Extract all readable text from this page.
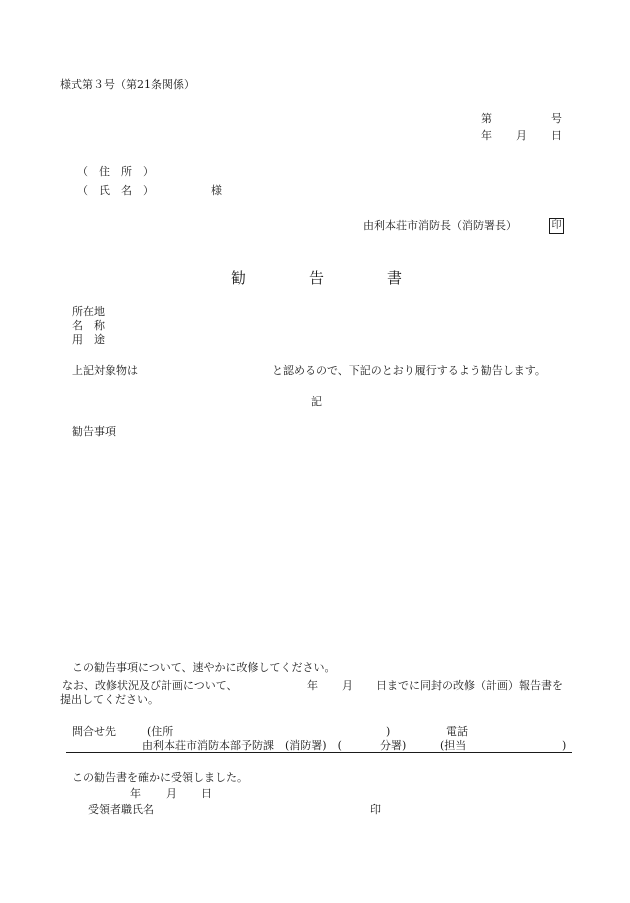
様式第３号（第21条関係）
第	号
年 月 日
（　住　所　）
（　氏　名　）	様
由利本荘市消防長（消防署長）	印
勧	告	書
所在地
名　称
用　途
上記対象物は	と認めるので、下記のとおり履行するよう勧告します。
記
勧告事項
この勧告事項について、速やかに改修してください。
なお、改修状況及び計画について、	年 月 日までに同封の改修（計画）報告書を
提出してください。
問合せ先	(住所	)	電話
由利本荘市消防本部予防課　(消防署)　(	分署)	(担当	)
この勧告書を確かに受領しました。
年 月 日
受領者職氏名	印
